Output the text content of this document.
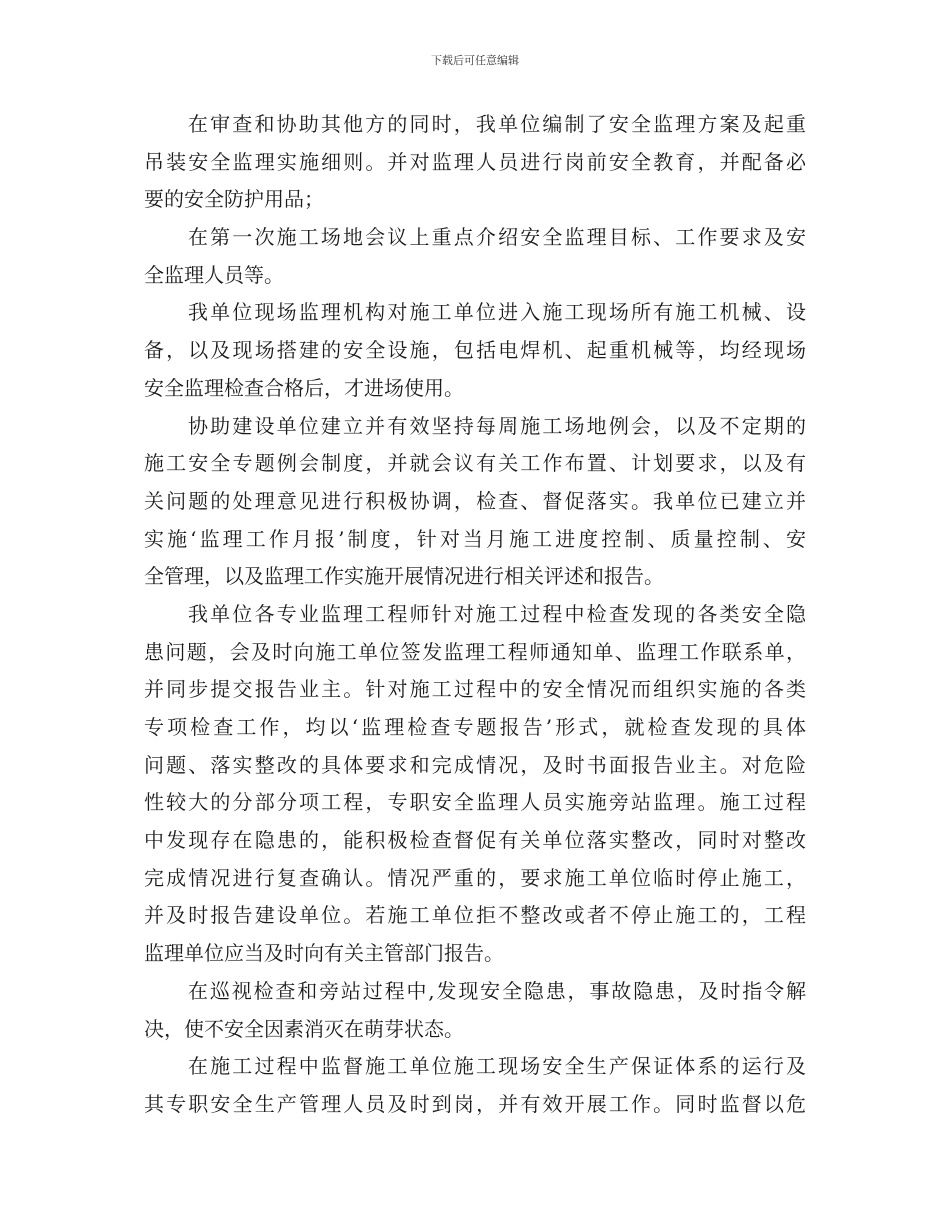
下载后可任意编辑
在审查和协助其他方的同时，我单位编制了安全监理方案及起重
吊装安全监理实施细则。并对监理人员进行岗前安全教育，并配备必
要的安全防护用品；
在第一次施工场地会议上重点介绍安全监理目标、工作要求及安
全监理人员等。
我单位现场监理机构对施工单位进入施工现场所有施工机械、设
备，以及现场搭建的安全设施，包括电焊机、起重机械等，均经现场
安全监理检查合格后，才进场使用。
协助建设单位建立并有效坚持每周施工场地例会，以及不定期的
施工安全专题例会制度，并就会议有关工作布置、计划要求，以及有
关问题的处理意见进行积极协调，检查、督促落实。我单位已建立并
实施‘监理工作月报’制度，针对当月施工进度控制、质量控制、安
全管理，以及监理工作实施开展情况进行相关评述和报告。
我单位各专业监理工程师针对施工过程中检查发现的各类安全隐
患问题，会及时向施工单位签发监理工程师通知单、监理工作联系单，
并同步提交报告业主。针对施工过程中的安全情况而组织实施的各类
专项检查工作，均以‘监理检查专题报告’形式，就检查发现的具体
问题、落实整改的具体要求和完成情况，及时书面报告业主。对危险
性较大的分部分项工程，专职安全监理人员实施旁站监理。施工过程
中发现存在隐患的，能积极检查督促有关单位落实整改，同时对整改
完成情况进行复查确认。情况严重的，要求施工单位临时停止施工，
并及时报告建设单位。若施工单位拒不整改或者不停止施工的，工程
监理单位应当及时向有关主管部门报告。
在巡视检查和旁站过程中,发现安全隐患，事故隐患，及时指令解
决，使不安全因素消灭在萌芽状态。
在施工过程中监督施工单位施工现场安全生产保证体系的运行及
其专职安全生产管理人员及时到岗，并有效开展工作。同时监督以危
